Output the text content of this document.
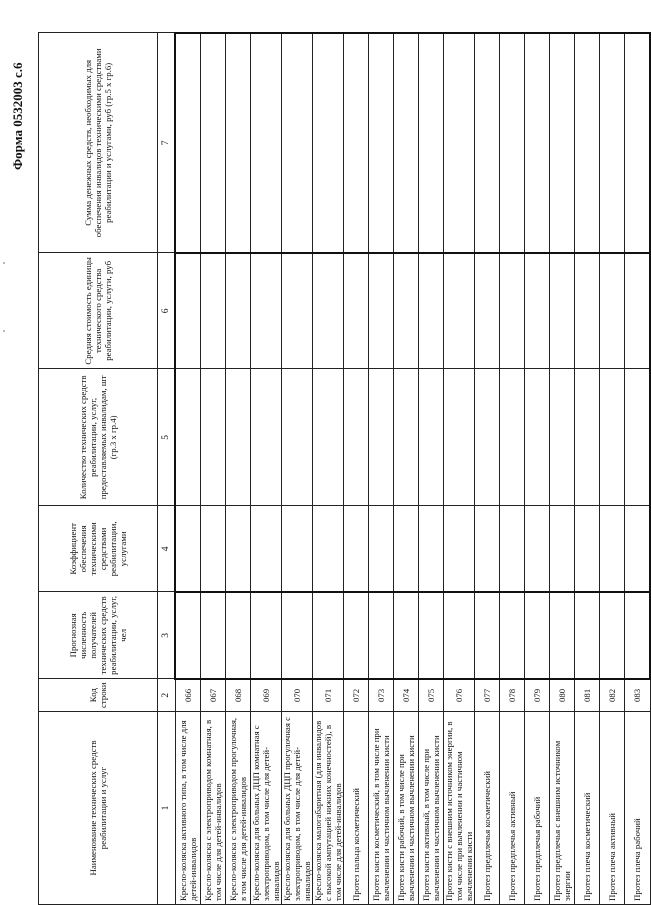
Форма 0532003 с.6
Наименование технических средств реабилитации и услуг	Код строки	Прогнозная численность получателей технических средств реабилитации, услуг, чел	Коэффициент обеспечения техническими средствами реабилитации, услугами	Количество технических средств реабилитации, услуг, предоставляемых инвалидам, шт (гр.3 х гр.4)	Средняя стоимость единицы технического средства реабилитации, услуги, руб	Сумма денежных средств, необходимых для обеспечения инвалидов техническими средствами реабилитации и услугами, руб (гр.5 х гр.6)
1	2	3	4	5	6	7
Кресло-коляска активного типа, в том числе для детей-инвалидов	066					
Кресло-коляска с электроприводом комнатная, в том числе для детей-инвалидов	067					
Кресло-коляска с электроприводом прогулочная, в том числе для детей-инвалидов	068					
Кресло-коляска для больных ДЦП комнатная с электроприводом, в том числе для детей-инвалидов	069					
Кресло-коляска для больных ДЦП прогулочная с электроприводом, в том числе для детей-инвалидов	070					
Кресло-коляска малогабаритная (для инвалидов с высокой ампутацией нижних конечностей), в том числе для детей-инвалидов	071					
Протез пальца косметический	072					
Протез кисти косметический, в том числе при вычленении и частичном вычленении кисти	073					
Протез кисти рабочий, в том числе при вычленении и частичном вычленении кисти	074					
Протез кисти активный, в том числе при вычленении и частичном вычленении кисти	075					
Протез кисти с внешним источником энергии, в том числе при вычленении и частичном вычленении кисти	076					
Протез предплечья косметический	077					
Протез предплечья активный	078					
Протез предплечья рабочий	079					
Протез предплечья с внешним источником энергии	080					
Протез плеча косметический	081					
Протез плеча активный	082					
Протез плеча рабочий	083					
